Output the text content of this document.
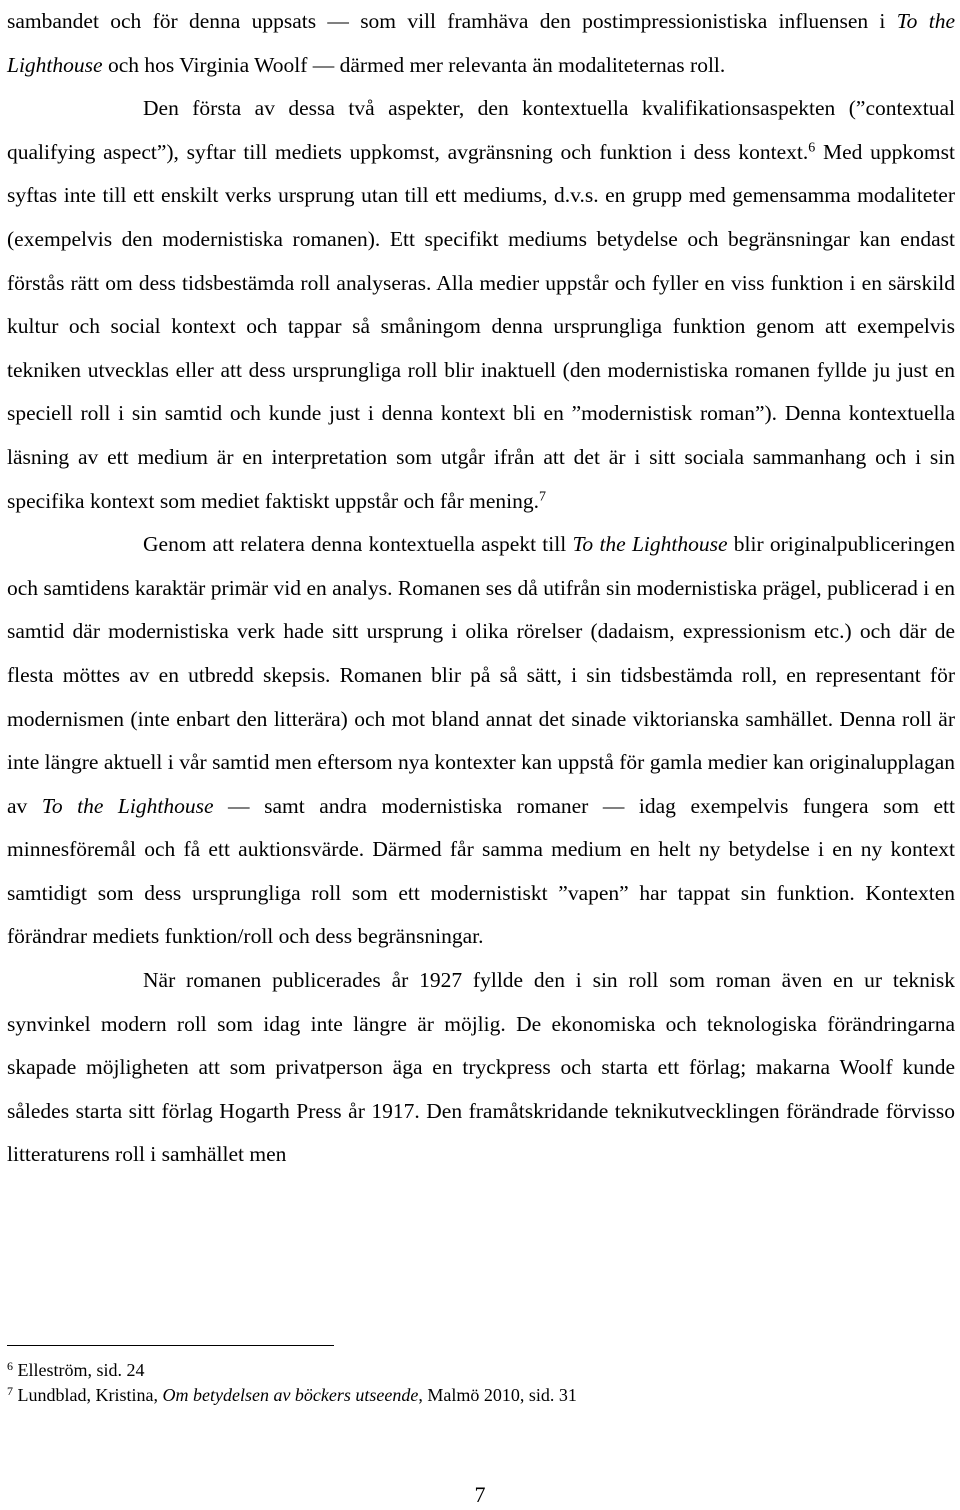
sambandet och för denna uppsats — som vill framhäva den postimpressionistiska influensen i To the Lighthouse och hos Virginia Woolf — därmed mer relevanta än modaliteternas roll.

Den första av dessa två aspekter, den kontextuella kvalifikationsaspekten (”contextual qualifying aspect”), syftar till mediets uppkomst, avgränsning och funktion i dess kontext.$^6$ Med uppkomst syftas inte till ett enskilt verks ursprung utan till ett mediums, d.v.s. en grupp med gemensamma modaliteter (exempelvis den modernistiska romanen). Ett specifikt mediums betydelse och begränsningar kan endast förstås rätt om dess tidsbestämda roll analyseras. Alla medier uppstår och fyller en viss funktion i en särskild kultur och social kontext och tappar så småningom denna ursprungliga funktion genom att exempelvis tekniken utvecklas eller att dess ursprungliga roll blir inaktuell (den modernistiska romanen fyllde ju just en speciell roll i sin samtid och kunde just i denna kontext bli en ”modernistisk roman”). Denna kontextuella läsning av ett medium är en interpretation som utgår ifrån att det är i sitt sociala sammanhang och i sin specifika kontext som mediet faktiskt uppstår och får mening.$^7$

Genom att relatera denna kontextuella aspekt till To the Lighthouse blir originalpubliceringen och samtidens karaktär primär vid en analys. Romanen ses då utifrån sin modernistiska prägel, publicerad i en samtid där modernistiska verk hade sitt ursprung i olika rörelser (dadaism, expressionism etc.) och där de flesta möttes av en utbredd skepsis. Romanen blir på så sätt, i sin tidsbestämda roll, en representant för modernismen (inte enbart den litterära) och mot bland annat det sinade viktorianska samhället. Denna roll är inte längre aktuell i vår samtid men eftersom nya kontexter kan uppstå för gamla medier kan originalupplagan av To the Lighthouse — samt andra modernistiska romaner — idag exempelvis fungera som ett minnesföremål och få ett auktionsvärde. Därmed får samma medium en helt ny betydelse i en ny kontext samtidigt som dess ursprungliga roll som ett modernistiskt ”vapen” har tappat sin funktion. Kontexten förändrar mediets funktion/roll och dess begränsningar.

När romanen publicerades år 1927 fyllde den i sin roll som roman även en ur teknisk synvinkel modern roll som idag inte längre är möjlig. De ekonomiska och teknologiska förändringarna skapade möjligheten att som privatperson äga en tryckpress och starta ett förlag; makarna Woolf kunde således starta sitt förlag Hogarth Press år 1917. Den framåtskridande teknikutvecklingen förändrade förvisso litteraturens roll i samhället men

$^6$ Elleström, sid. 24

$^7$ Lundblad, Kristina, Om betydelsen av böckers utseende, Malmö 2010, sid. 31

7
